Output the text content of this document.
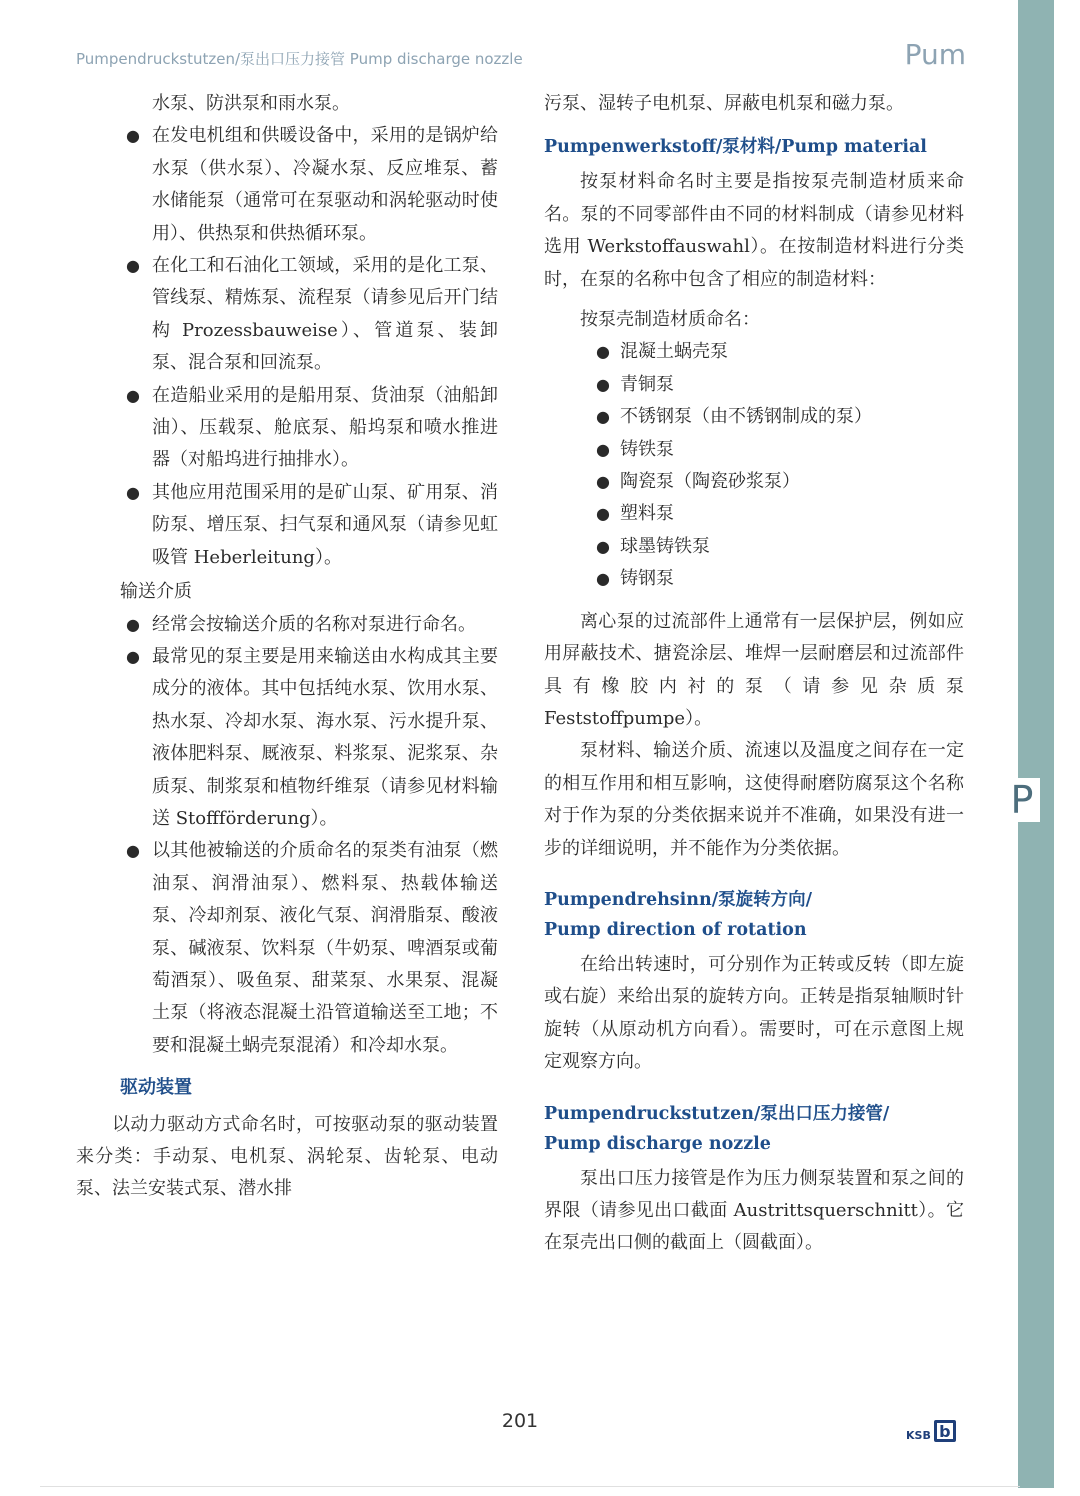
P
Pumpendruckstutzen/泵出口压力接管 Pump discharge nozzle	Pum

水泵、防洪泵和雨水泵。

● 在发电机组和供暖设备中，采用的是锅炉给水泵（供水泵）、冷凝水泵、反应堆泵、蓄水储能泵（通常可在泵驱动和涡轮驱动时使用）、供热泵和供热循环泵。
● 在化工和石油化工领域，采用的是化工泵、管线泵、精炼泵、流程泵（请参见后开门结构 Prozessbauweise）、管道泵、装卸泵、混合泵和回流泵。
● 在造船业采用的是船用泵、货油泵（油船卸油）、压载泵、舱底泵、船坞泵和喷水推进器（对船坞进行抽排水）。
● 其他应用范围采用的是矿山泵、矿用泵、消防泵、增压泵、扫气泵和通风泵（请参见虹吸管 Heberleitung）。
输送介质
● 经常会按输送介质的名称对泵进行命名。
● 最常见的泵主要是用来输送由水构成其主要成分的液体。其中包括纯水泵、饮用水泵、热水泵、冷却水泵、海水泵、污水提升泵、液体肥料泵、厩液泵、料浆泵、泥浆泵、杂质泵、制浆泵和植物纤维泵（请参见材料输送 Stoffförderung）。
● 以其他被输送的介质命名的泵类有油泵（燃油泵、润滑油泵）、燃料泵、热载体输送泵、冷却剂泵、液化气泵、润滑脂泵、酸液泵、碱液泵、饮料泵（牛奶泵、啤酒泵或葡萄酒泵）、吸鱼泵、甜菜泵、水果泵、混凝土泵（将液态混凝土沿管道输送至工地；不要和混凝土蜗壳泵混淆）和冷却水泵。
驱动装置

以动力驱动方式命名时，可按驱动泵的驱动装置来分类：手动泵、电机泵、涡轮泵、齿轮泵、电动泵、法兰安装式泵、潜水排

污泵、湿转子电机泵、屏蔽电机泵和磁力泵。

Pumpenwerkstoff/泵材料/Pump material

按泵材料命名时主要是指按泵壳制造材质来命名。泵的不同零部件由不同的材料制成（请参见材料选用 Werkstoffauswahl）。在按制造材料进行分类时，在泵的名称中包含了相应的制造材料：

按泵壳制造材质命名：

● 混凝土蜗壳泵
● 青铜泵
● 不锈钢泵（由不锈钢制成的泵）
● 铸铁泵
● 陶瓷泵（陶瓷砂浆泵）
● 塑料泵
● 球墨铸铁泵
● 铸钢泵

离心泵的过流部件上通常有一层保护层，例如应用屏蔽技术、搪瓷涂层、堆焊一层耐磨层和过流部件具有橡胶内衬的泵（请参见杂质泵 Feststoffpumpe）。

泵材料、输送介质、流速以及温度之间存在一定的相互作用和相互影响，这使得耐磨防腐泵这个名称对于作为泵的分类依据来说并不准确，如果没有进一步的详细说明，并不能作为分类依据。

Pumpendrehsinn/泵旋转方向/
Pump direction of rotation

在给出转速时，可分别作为正转或反转（即左旋或右旋）来给出泵的旋转方向。正转是指泵轴顺时针旋转（从原动机方向看）。需要时，可在示意图上规定观察方向。

Pumpendruckstutzen/泵出口压力接管/
Pump discharge nozzle

泵出口压力接管是作为压力侧泵装置和泵之间的界限（请参见出口截面 Austrittsquerschnitt）。它在泵壳出口侧的截面上（圆截面）。

201
KSB b
